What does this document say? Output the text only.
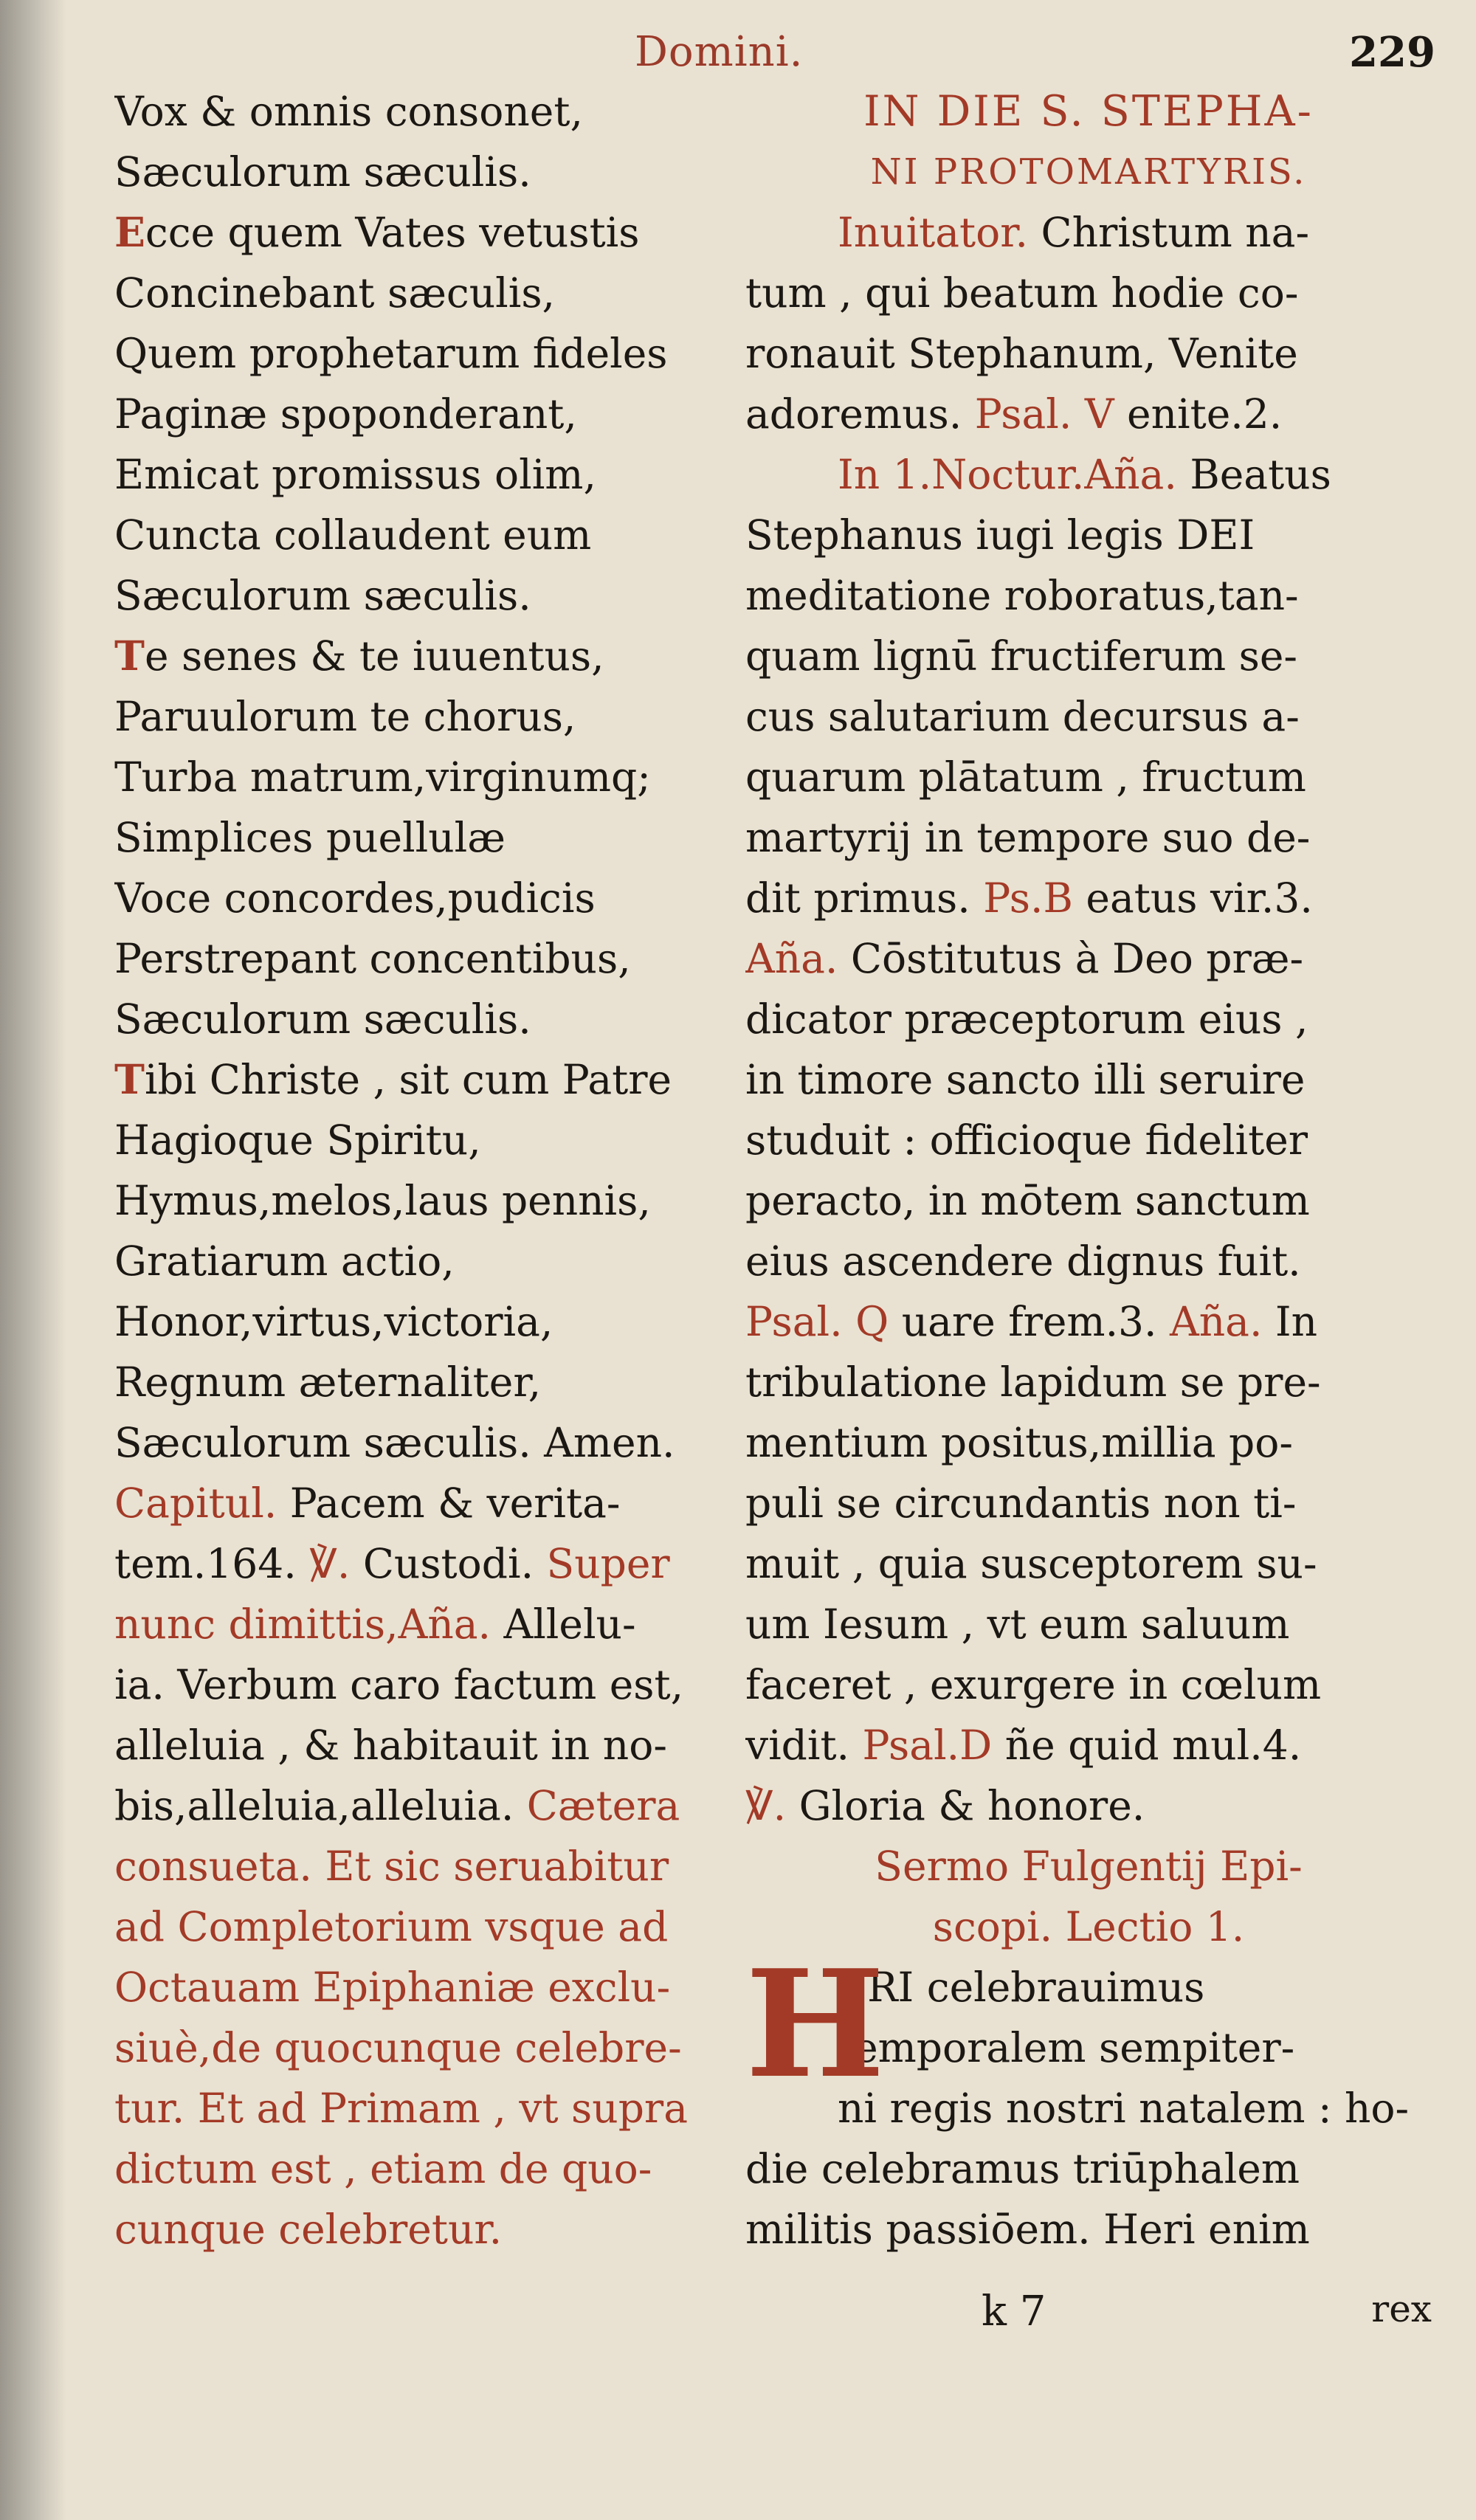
Domini.	229
Vox & omnis consonet,
Sæculorum sæculis.
Ecce quem Vates vetustis
Concinebant sæculis,
Quem prophetarum fideles
Paginæ spoponderant,
Emicat promissus olim,
Cuncta collaudent eum
Sæculorum sæculis.
Te senes & te iuuentus,
Paruulorum te chorus,
Turba matrum,virginumq;
Simplices puellulæ
Voce concordes,pudicis
Perstrepant concentibus,
Sæculorum sæculis.
Tibi Christe , sit cum Patre
Hagioque Spiritu,
Hymus,melos,laus pennis,
Gratiarum actio,
Honor,virtus,victoria,
Regnum æternaliter,
Sæculorum sæculis. Amen.
Capitul. Pacem & verita-
tem.164. ℣. Custodi. Super
nunc dimittis,Aña. Allelu-
ia. Verbum caro factum est,
alleluia , & habitauit in no-
bis,alleluia,alleluia. Cætera
consueta. Et sic seruabitur
ad Completorium vsque ad
Octauam Epiphaniæ exclu-
siuè,de quocunque celebre-
tur. Et ad Primam , vt supra
dictum est , etiam de quo-
cunque celebretur.
IN DIE S. STEPHA-
NI PROTOMARTYRIS.
Inuitator. Christum na-
tum , qui beatum hodie co-
ronauit Stephanum, Venite
adoremus. Psal. V enite.2.
In 1.Noctur.Aña. Beatus
Stephanus iugi legis DEI
meditatione roboratus,tan-
quam lignū fructiferum se-
cus salutarium decursus a-
quarum plātatum , fructum
martyrij in tempore suo de-
dit primus. Ps.B eatus vir.3.
Aña. Cōstitutus à Deo præ-
dicator præceptorum eius ,
in timore sancto illi seruire
studuit : officioque fideliter
peracto, in mōtem sanctum
eius ascendere dignus fuit.
Psal. Q uare frem.3. Aña. In
tribulatione lapidum se pre-
mentium positus,millia po-
puli se circundantis non ti-
muit , quia susceptorem su-
um Iesum , vt eum saluum
faceret , exurgere in cœlum
vidit. Psal.D ñe quid mul.4.
℣. Gloria & honore.
Sermo Fulgentij Epi-
scopi. Lectio 1.
H
ERI celebrauimus
temporalem sempiter-
ni regis nostri natalem : ho-
die celebramus triūphalem
militis passiōem. Heri enim
k 7	rex
